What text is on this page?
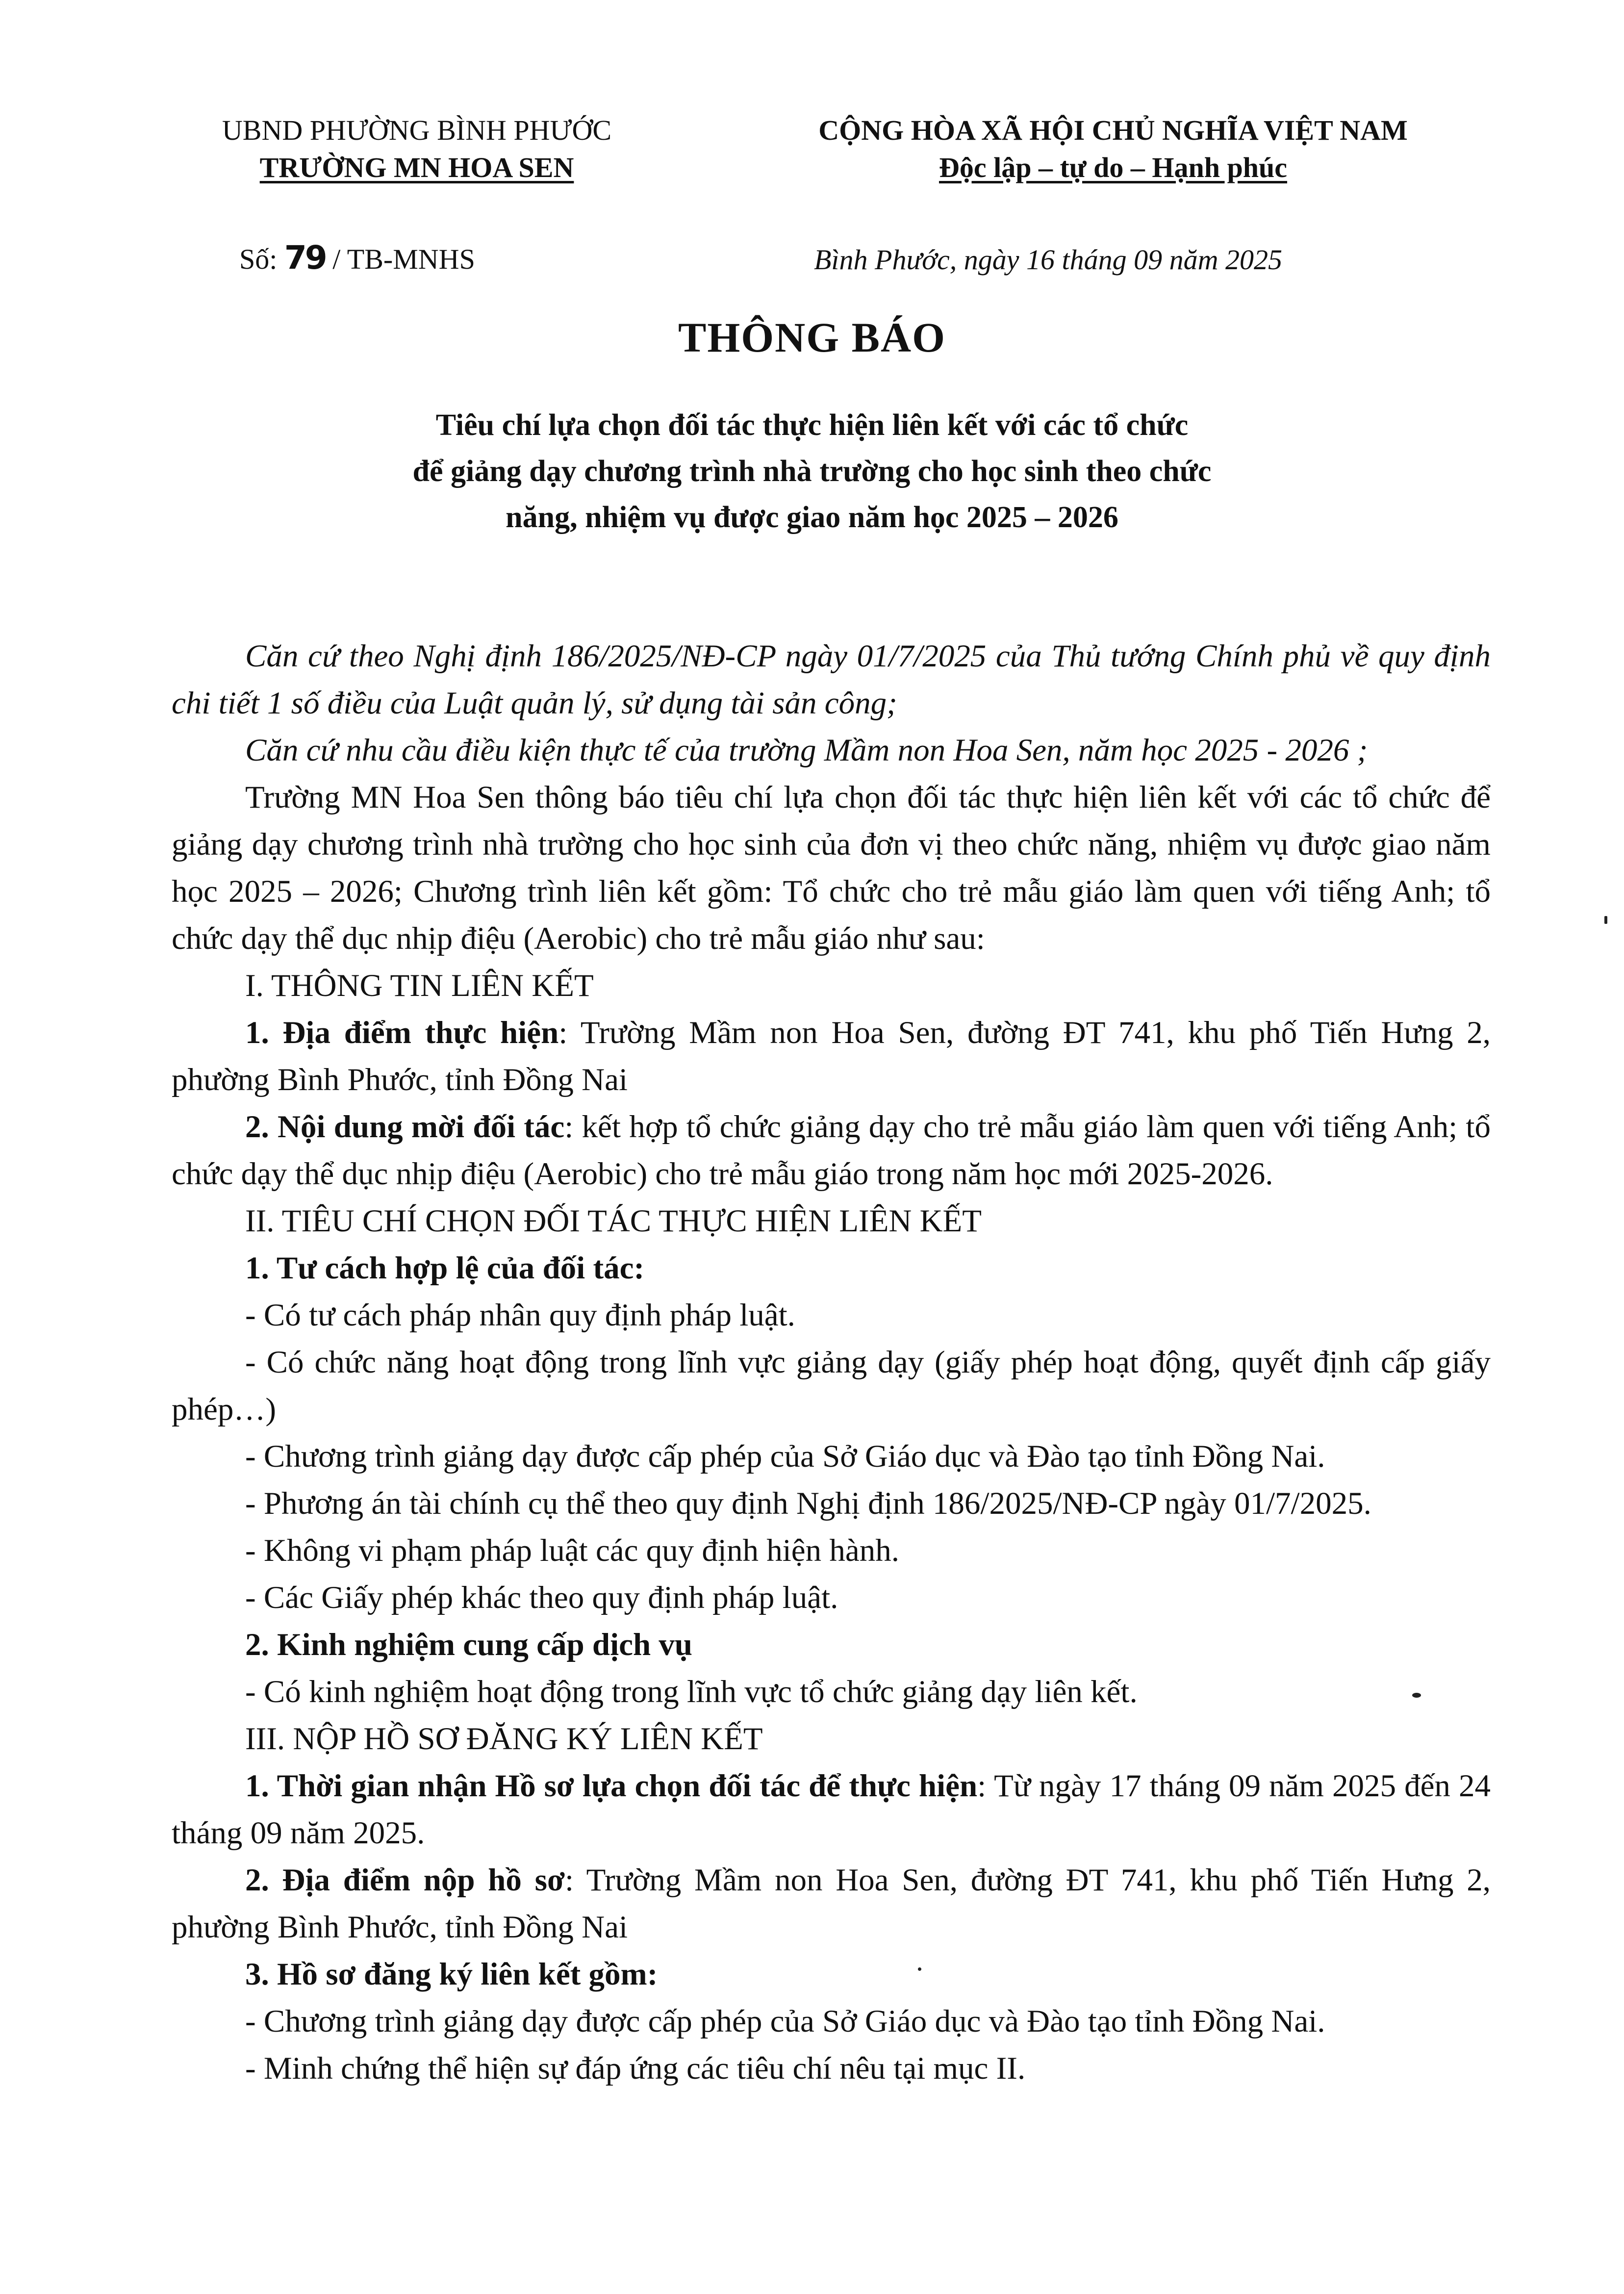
UBND PHƯỜNG BÌNH PHƯỚC
TRƯỜNG MN HOA SEN
CỘNG HÒA XÃ HỘI CHỦ NGHĨA VIỆT NAM
Độc lập – tự do – Hạnh phúc
Số: 79 / TB-MNHS	Bình Phước, ngày 16 tháng 09 năm 2025
THÔNG BÁO
Tiêu chí lựa chọn đối tác thực hiện liên kết với các tổ chức
để giảng dạy chương trình nhà trường cho học sinh theo chức
năng, nhiệm vụ được giao năm học 2025 – 2026

Căn cứ theo Nghị định 186/2025/NĐ-CP ngày 01/7/2025 của Thủ tướng Chính phủ về quy định chi tiết 1 số điều của Luật quản lý, sử dụng tài sản công;

Căn cứ nhu cầu điều kiện thực tế của trường Mầm non Hoa Sen, năm học 2025 - 2026 ;

Trường MN Hoa Sen thông báo tiêu chí lựa chọn đối tác thực hiện liên kết với các tổ chức để giảng dạy chương trình nhà trường cho học sinh của đơn vị theo chức năng, nhiệm vụ được giao năm học 2025 – 2026; Chương trình liên kết gồm: Tổ chức cho trẻ mẫu giáo làm quen với tiếng Anh; tổ chức dạy thể dục nhịp điệu (Aerobic) cho trẻ mẫu giáo như sau:

I. THÔNG TIN LIÊN KẾT

1. Địa điểm thực hiện: Trường Mầm non Hoa Sen, đường ĐT 741, khu phố Tiến Hưng 2, phường Bình Phước, tỉnh Đồng Nai

2. Nội dung mời đối tác: kết hợp tổ chức giảng dạy cho trẻ mẫu giáo làm quen với tiếng Anh; tổ chức dạy thể dục nhịp điệu (Aerobic) cho trẻ mẫu giáo trong năm học mới 2025-2026.

II. TIÊU CHÍ CHỌN ĐỐI TÁC THỰC HIỆN LIÊN KẾT

1. Tư cách hợp lệ của đối tác:

- Có tư cách pháp nhân quy định pháp luật.

- Có chức năng hoạt động trong lĩnh vực giảng dạy (giấy phép hoạt động, quyết định cấp giấy phép…)

- Chương trình giảng dạy được cấp phép của Sở Giáo dục và Đào tạo tỉnh Đồng Nai.

- Phương án tài chính cụ thể theo quy định Nghị định 186/2025/NĐ-CP ngày 01/7/2025.

- Không vi phạm pháp luật các quy định hiện hành.

- Các Giấy phép khác theo quy định pháp luật.

2. Kinh nghiệm cung cấp dịch vụ

- Có kinh nghiệm hoạt động trong lĩnh vực tổ chức giảng dạy liên kết.

III. NỘP HỒ SƠ ĐĂNG KÝ LIÊN KẾT

1. Thời gian nhận Hồ sơ lựa chọn đối tác để thực hiện: Từ ngày 17 tháng 09 năm 2025 đến 24 tháng 09 năm 2025.

2. Địa điểm nộp hồ sơ: Trường Mầm non Hoa Sen, đường ĐT 741, khu phố Tiến Hưng 2, phường Bình Phước, tỉnh Đồng Nai

3. Hồ sơ đăng ký liên kết gồm:

- Chương trình giảng dạy được cấp phép của Sở Giáo dục và Đào tạo tỉnh Đồng Nai.

- Minh chứng thể hiện sự đáp ứng các tiêu chí nêu tại mục II.
